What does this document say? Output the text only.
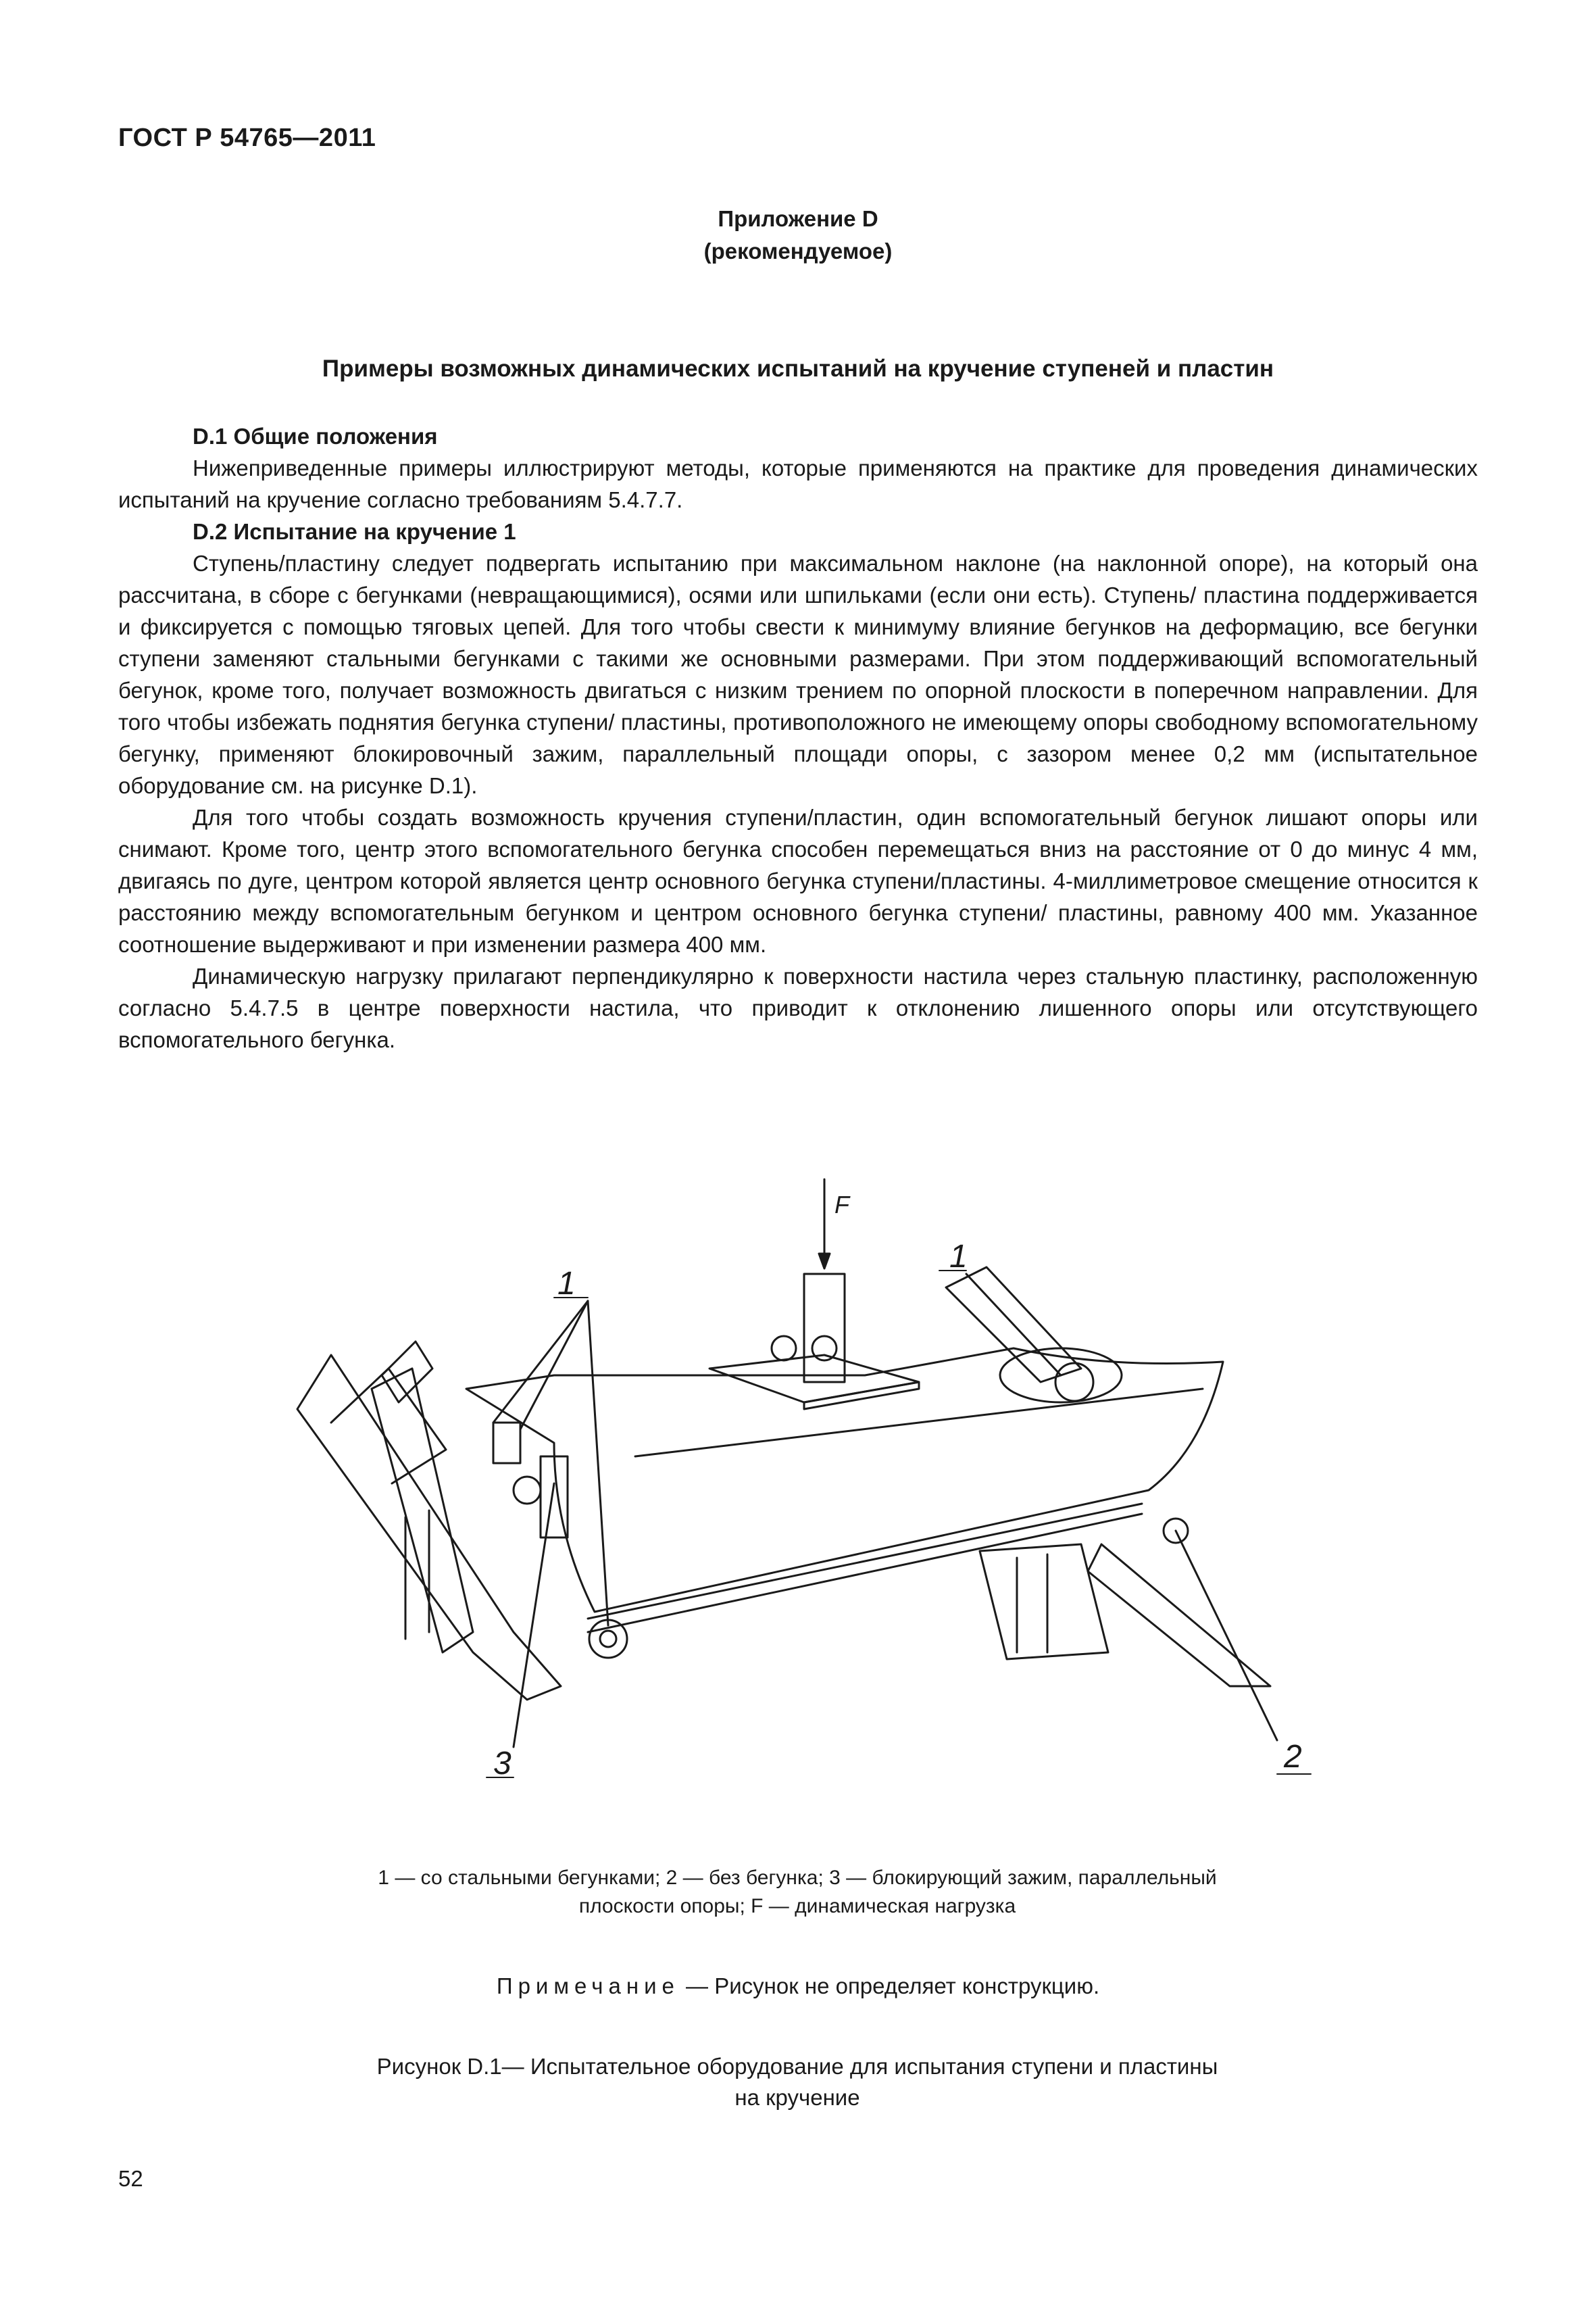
ГОСТ Р 54765—2011
Приложение D
(рекомендуемое)
Примеры возможных динамических испытаний на кручение ступеней и пластин

D.1 Общие положения

Нижеприведенные примеры иллюстрируют методы, которые применяются на практике для проведения динамических испытаний на кручение согласно требованиям 5.4.7.7.

D.2 Испытание на кручение 1

Ступень/пластину следует подвергать испытанию при максимальном наклоне (на наклонной опоре), на который она рассчитана, в сборе с бегунками (невращающимися), осями или шпильками (если они есть). Ступень/ пластина поддерживается и фиксируется с помощью тяговых цепей. Для того чтобы свести к минимуму влияние бегунков на деформацию, все бегунки ступени заменяют стальными бегунками с такими же основными размерами. При этом поддерживающий вспомогательный бегунок, кроме того, получает возможность двигаться с низким трением по опорной плоскости в поперечном направлении. Для того чтобы избежать поднятия бегунка ступени/ пластины, противоположного не имеющему опоры свободному вспомогательному бегунку, применяют блокировочный зажим, параллельный площади опоры, с зазором менее 0,2 мм (испытательное оборудование см. на рисунке D.1).

Для того чтобы создать возможность кручения ступени/пластин, один вспомогательный бегунок лишают опоры или снимают. Кроме того, центр этого вспомогательного бегунка способен перемещаться вниз на расстояние от 0 до минус 4 мм, двигаясь по дуге, центром которой является центр основного бегунка ступени/пластины. 4-миллиметровое смещение относится к расстоянию между вспомогательным бегунком и центром основного бегунка ступени/ пластины, равному 400 мм. Указанное соотношение выдерживают и при изменении размера 400 мм.

Динамическую нагрузку прилагают перпендикулярно к поверхности настила через стальную пластинку, расположенную согласно 5.4.7.5 в центре поверхности настила, что приводит к отклонению лишенного опоры или отсутствующего вспомогательного бегунка.

1
1
2
3
F
1 — со стальными бегунками; 2 — без бегунка; 3 — блокирующий зажим, параллельный
плоскости опоры; F — динамическая нагрузка
Примечание — Рисунок не определяет конструкцию.
Рисунок D.1— Испытательное оборудование для испытания ступени и пластины
на кручение
52
